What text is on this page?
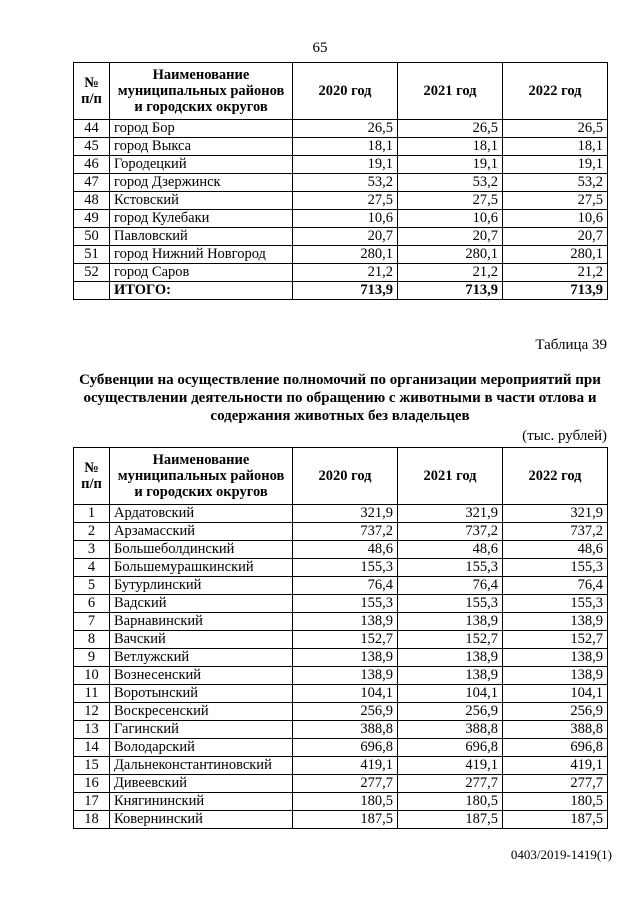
65
№ п/п	Наименование муниципальных районов и городских округов	2020 год	2021 год	2022 год
44	город Бор	26,5	26,5	26,5
45	город Выкса	18,1	18,1	18,1
46	Городецкий	19,1	19,1	19,1
47	город Дзержинск	53,2	53,2	53,2
48	Кстовский	27,5	27,5	27,5
49	город Кулебаки	10,6	10,6	10,6
50	Павловский	20,7	20,7	20,7
51	город Нижний Новгород	280,1	280,1	280,1
52	город Саров	21,2	21,2	21,2
	ИТОГО:	713,9	713,9	713,9
Таблица 39
Субвенции на осуществление полномочий по организации мероприятий при осуществлении деятельности по обращению с животными в части отлова и содержания животных без владельцев
(тыс. рублей)
№ п/п	Наименование муниципальных районов и городских округов	2020 год	2021 год	2022 год
1	Ардатовский	321,9	321,9	321,9
2	Арзамасский	737,2	737,2	737,2
3	Большеболдинский	48,6	48,6	48,6
4	Большемурашкинский	155,3	155,3	155,3
5	Бутурлинский	76,4	76,4	76,4
6	Вадский	155,3	155,3	155,3
7	Варнавинский	138,9	138,9	138,9
8	Вачский	152,7	152,7	152,7
9	Ветлужский	138,9	138,9	138,9
10	Вознесенский	138,9	138,9	138,9
11	Воротынский	104,1	104,1	104,1
12	Воскресенский	256,9	256,9	256,9
13	Гагинский	388,8	388,8	388,8
14	Володарский	696,8	696,8	696,8
15	Дальнеконстантиновский	419,1	419,1	419,1
16	Дивеевский	277,7	277,7	277,7
17	Княгининский	180,5	180,5	180,5
18	Ковернинский	187,5	187,5	187,5
0403/2019-1419(1)
